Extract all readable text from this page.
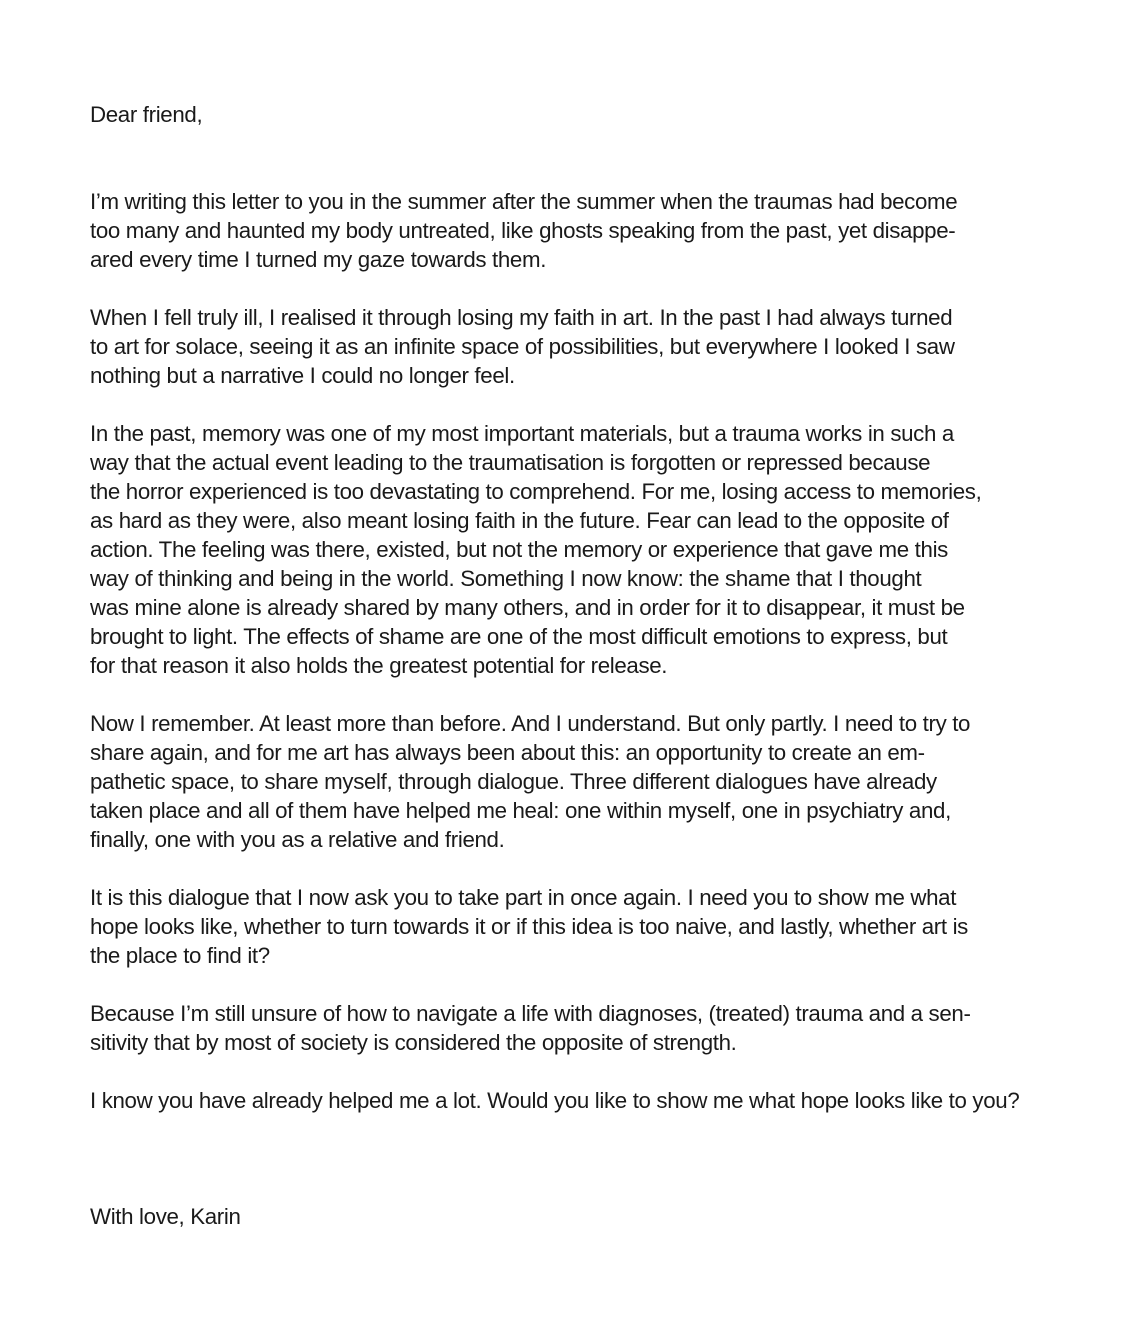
Dear friend,

I’m writing this letter to you in the summer after the summer when the traumas had become
too many and haunted my body untreated, like ghosts speaking from the past, yet disappe-
ared every time I turned my gaze towards them.

When I fell truly ill, I realised it through losing my faith in art. In the past I had always turned
to art for solace, seeing it as an infinite space of possibilities, but everywhere I looked I saw
nothing but a narrative I could no longer feel.

In the past, memory was one of my most important materials, but a trauma works in such a
way that the actual event leading to the traumatisation is forgotten or repressed because
the horror experienced is too devastating to comprehend. For me, losing access to memories,
as hard as they were, also meant losing faith in the future. Fear can lead to the opposite of
action. The feeling was there, existed, but not the memory or experience that gave me this
way of thinking and being in the world. Something I now know: the shame that I thought
was mine alone is already shared by many others, and in order for it to disappear, it must be
brought to light. The effects of shame are one of the most difficult emotions to express, but
for that reason it also holds the greatest potential for release.

Now I remember. At least more than before. And I understand. But only partly. I need to try to
share again, and for me art has always been about this: an opportunity to create an em-
pathetic space, to share myself, through dialogue. Three different dialogues have already
taken place and all of them have helped me heal: one within myself, one in psychiatry and,
finally, one with you as a relative and friend.

It is this dialogue that I now ask you to take part in once again. I need you to show me what
hope looks like, whether to turn towards it or if this idea is too naive, and lastly, whether art is
the place to find it?

Because I’m still unsure of how to navigate a life with diagnoses, (treated) trauma and a sen-
sitivity that by most of society is considered the opposite of strength.

I know you have already helped me a lot. Would you like to show me what hope looks like to you?

With love, Karin
